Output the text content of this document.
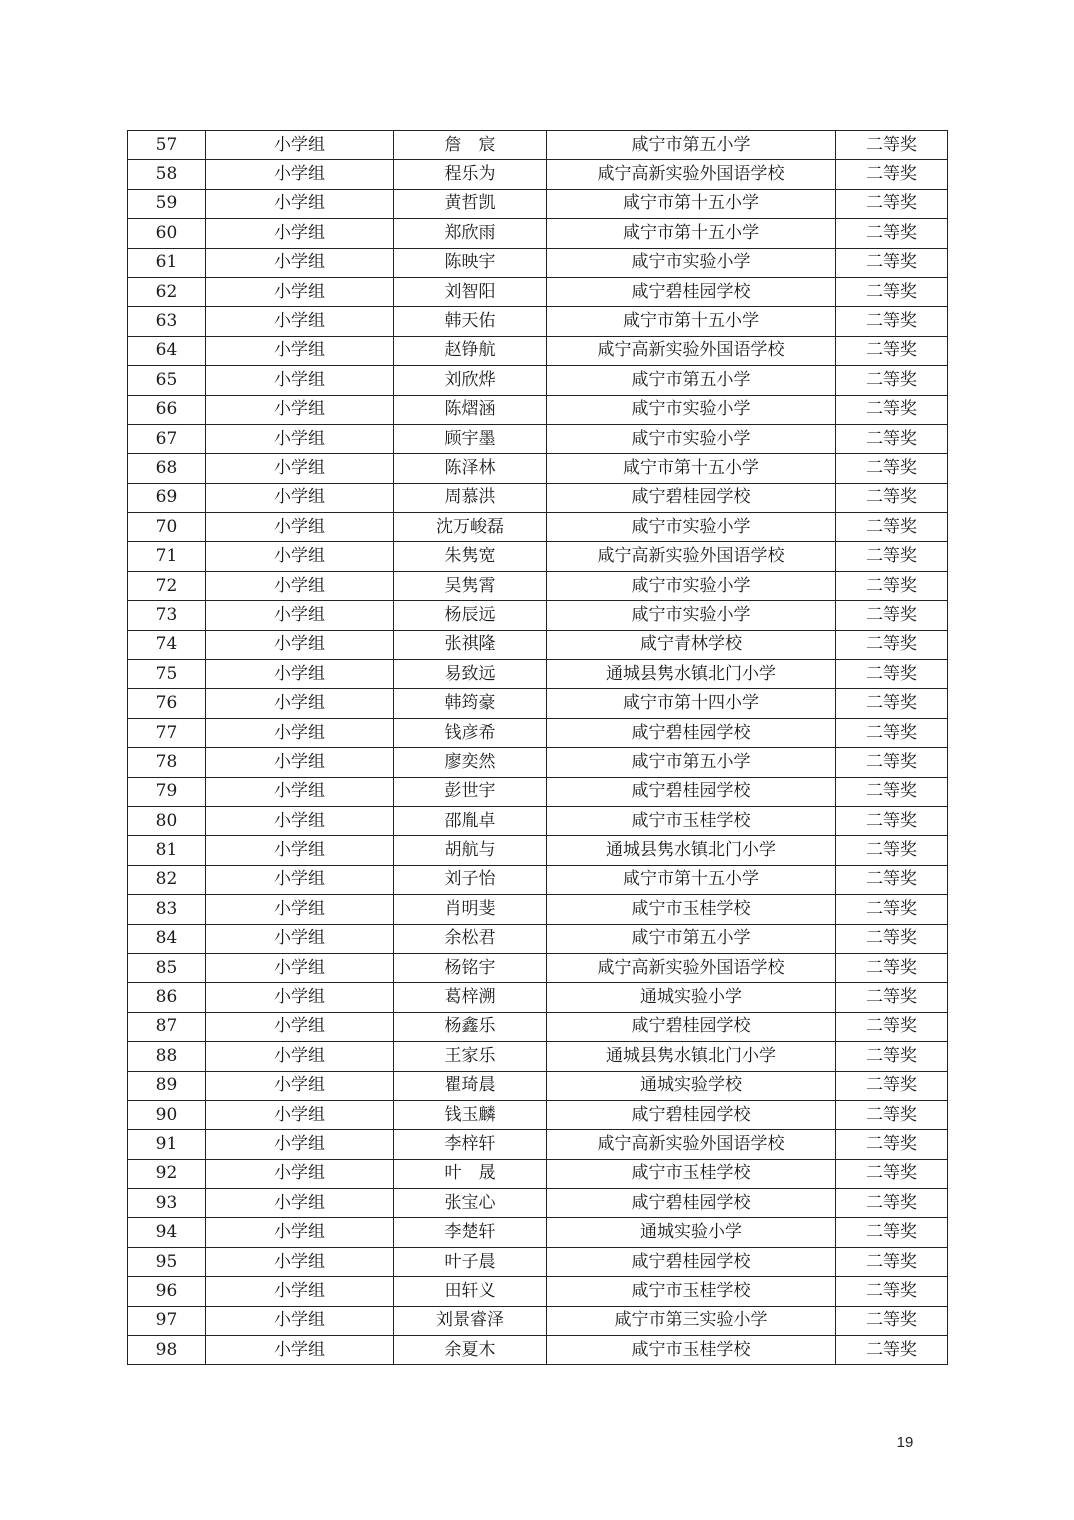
57	小学组	詹　宸	咸宁市第五小学	二等奖
58	小学组	程乐为	咸宁高新实验外国语学校	二等奖
59	小学组	黄哲凯	咸宁市第十五小学	二等奖
60	小学组	郑欣雨	咸宁市第十五小学	二等奖
61	小学组	陈映宇	咸宁市实验小学	二等奖
62	小学组	刘智阳	咸宁碧桂园学校	二等奖
63	小学组	韩天佑	咸宁市第十五小学	二等奖
64	小学组	赵铮航	咸宁高新实验外国语学校	二等奖
65	小学组	刘欣烨	咸宁市第五小学	二等奖
66	小学组	陈熠涵	咸宁市实验小学	二等奖
67	小学组	顾宇墨	咸宁市实验小学	二等奖
68	小学组	陈泽林	咸宁市第十五小学	二等奖
69	小学组	周慕洪	咸宁碧桂园学校	二等奖
70	小学组	沈万峻磊	咸宁市实验小学	二等奖
71	小学组	朱隽宽	咸宁高新实验外国语学校	二等奖
72	小学组	吴隽霄	咸宁市实验小学	二等奖
73	小学组	杨辰远	咸宁市实验小学	二等奖
74	小学组	张祺隆	咸宁青林学校	二等奖
75	小学组	易致远	通城县隽水镇北门小学	二等奖
76	小学组	韩筠豪	咸宁市第十四小学	二等奖
77	小学组	钱彦希	咸宁碧桂园学校	二等奖
78	小学组	廖奕然	咸宁市第五小学	二等奖
79	小学组	彭世宇	咸宁碧桂园学校	二等奖
80	小学组	邵胤卓	咸宁市玉桂学校	二等奖
81	小学组	胡航与	通城县隽水镇北门小学	二等奖
82	小学组	刘子怡	咸宁市第十五小学	二等奖
83	小学组	肖明斐	咸宁市玉桂学校	二等奖
84	小学组	余松君	咸宁市第五小学	二等奖
85	小学组	杨铭宇	咸宁高新实验外国语学校	二等奖
86	小学组	葛梓溯	通城实验小学	二等奖
87	小学组	杨鑫乐	咸宁碧桂园学校	二等奖
88	小学组	王家乐	通城县隽水镇北门小学	二等奖
89	小学组	瞿琦晨	通城实验学校	二等奖
90	小学组	钱玉麟	咸宁碧桂园学校	二等奖
91	小学组	李梓轩	咸宁高新实验外国语学校	二等奖
92	小学组	叶　晟	咸宁市玉桂学校	二等奖
93	小学组	张宝心	咸宁碧桂园学校	二等奖
94	小学组	李楚轩	通城实验小学	二等奖
95	小学组	叶子晨	咸宁碧桂园学校	二等奖
96	小学组	田轩义	咸宁市玉桂学校	二等奖
97	小学组	刘景睿泽	咸宁市第三实验小学	二等奖
98	小学组	余夏木	咸宁市玉桂学校	二等奖
19
